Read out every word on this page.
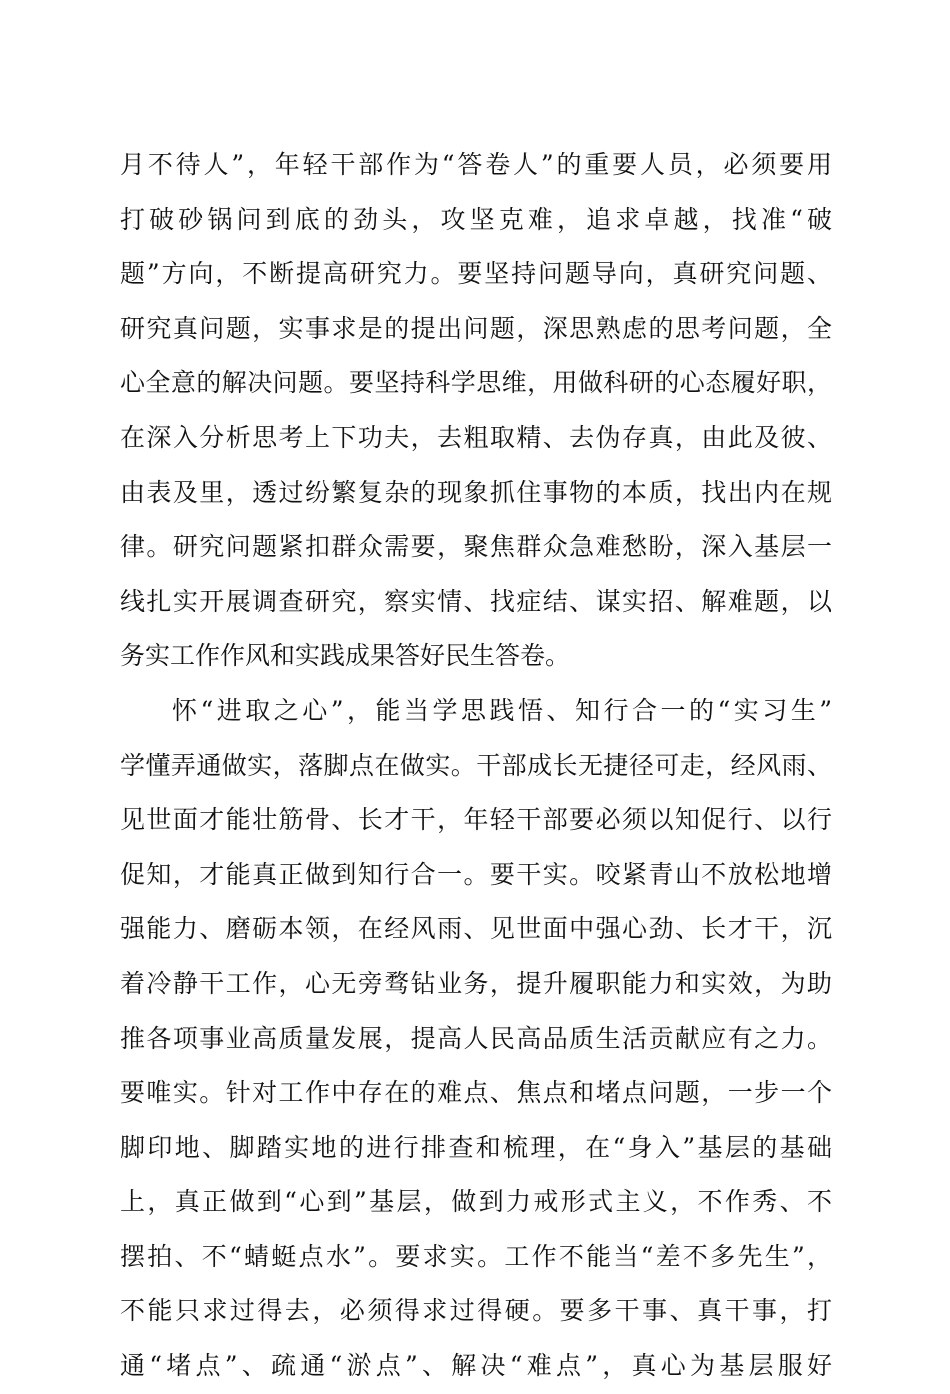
月不待人”，年轻干部作为“答卷人”的重要人员，必须要用
打破砂锅问到底的劲头，攻坚克难，追求卓越，找准“破
题”方向，不断提高研究力。要坚持问题导向，真研究问题、
研究真问题，实事求是的提出问题，深思熟虑的思考问题，全
心全意的解决问题。要坚持科学思维，用做科研的心态履好职，
在深入分析思考上下功夫，去粗取精、去伪存真，由此及彼、
由表及里，透过纷繁复杂的现象抓住事物的本质，找出内在规
律。研究问题紧扣群众需要，聚焦群众急难愁盼，深入基层一
线扎实开展调查研究，察实情、找症结、谋实招、解难题，以
务实工作作风和实践成果答好民生答卷。
怀“进取之心”，能当学思践悟、知行合一的“实习生”
学懂弄通做实，落脚点在做实。干部成长无捷径可走，经风雨、
见世面才能壮筋骨、长才干，年轻干部要必须以知促行、以行
促知，才能真正做到知行合一。要干实。咬紧青山不放松地增
强能力、磨砺本领，在经风雨、见世面中强心劲、长才干，沉
着冷静干工作，心无旁骛钻业务，提升履职能力和实效，为助
推各项事业高质量发展，提高人民高品质生活贡献应有之力。
要唯实。针对工作中存在的难点、焦点和堵点问题，一步一个
脚印地、脚踏实地的进行排查和梳理，在“身入”基层的基础
上，真正做到“心到”基层，做到力戒形式主义，不作秀、不
摆拍、不“蜻蜓点水”。要求实。工作不能当“差不多先生”，
不能只求过得去，必须得求过得硬。要多干事、真干事，打
通“堵点”、疏通“淤点”、解决“难点”，真心为基层服好
